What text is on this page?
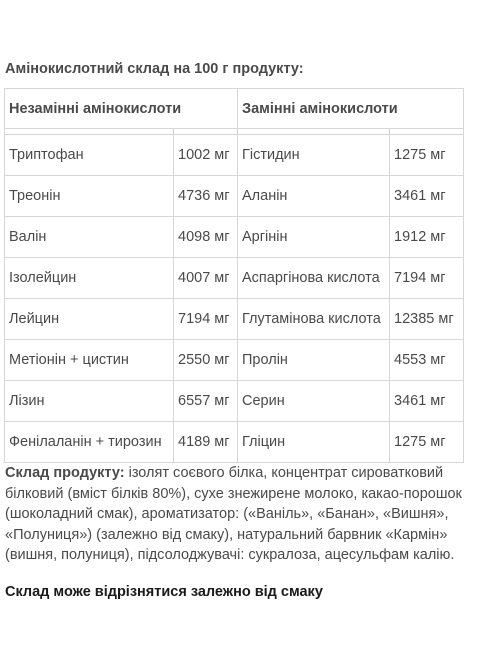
Амінокислотний склад на 100 г продукту:
Незамінні амінокислоти		Замінні амінокислоти	

Триптофан	1002 мг	Гістидин	1275 мг
Треонін	4736 мг	Аланін	3461 мг
Валін	4098 мг	Аргінін	1912 мг
Ізолейцин	4007 мг	Аспаргінова кислота	7194 мг
Лейцин	7194 мг	Глутамінова кислота	12385 мг
Метіонін + цистин	2550 мг	Пролін	4553 мг
Лізин	6557 мг	Серин	3461 мг
Фенілаланін + тирозин	4189 мг	Гліцин	1275 мг
Склад продукту: ізолят соєвого білка, концентрат сироватковий білковий (вміст білків 80%), сухе знежирене молоко, какао-порошок (шоколадний смак), ароматизатор: («Ваніль», «Банан», «Вишня», «Полуниця») (залежно від смаку), натуральний барвник «Кармін» (вишня, полуниця), підсолоджувачі: сукралоза, ацесульфам калію.
Склад може відрізнятися залежно від смаку
